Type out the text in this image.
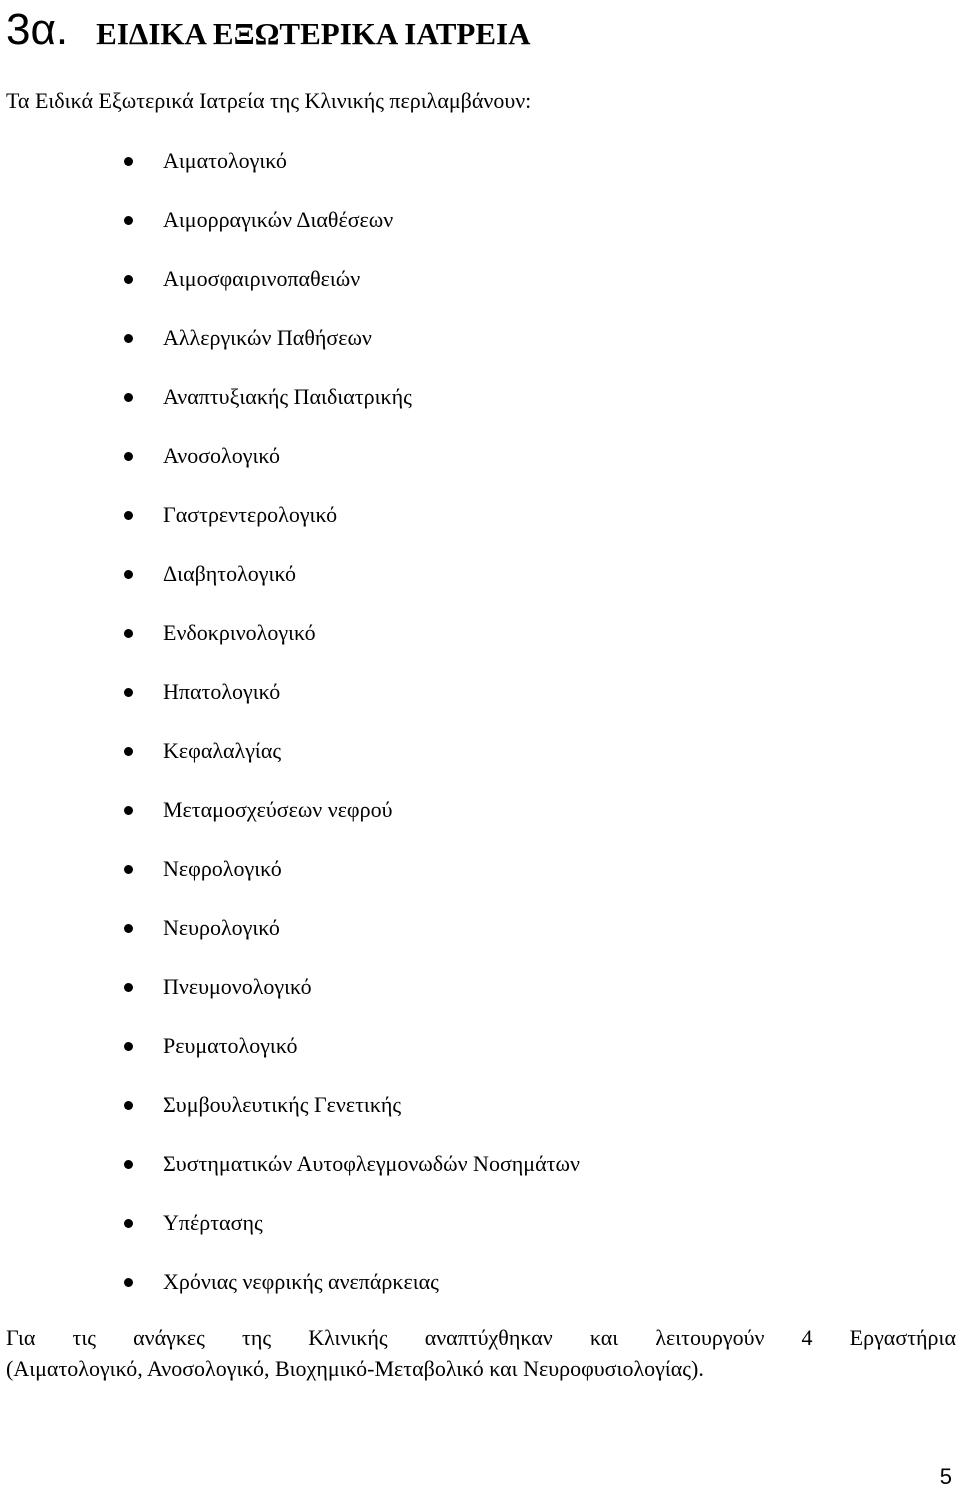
3α. ΕΙΔΙΚΑ ΕΞΩΤΕΡΙΚΑ ΙΑΤΡΕΙΑ

Τα Ειδικά Εξωτερικά Ιατρεία της Κλινικής περιλαμβάνουν:

Αιματολογικό
Αιμορραγικών Διαθέσεων
Αιμοσφαιρινοπαθειών
Αλλεργικών Παθήσεων
Αναπτυξιακής Παιδιατρικής
Ανοσολογικό
Γαστρεντερολογικό
Διαβητολογικό
Ενδοκρινολογικό
Ηπατολογικό
Κεφαλαλγίας
Μεταμοσχεύσεων νεφρού
Νεφρολογικό
Νευρολογικό
Πνευμονολογικό
Ρευματολογικό
Συμβουλευτικής Γενετικής
Συστηματικών Αυτοφλεγμονωδών Νοσημάτων
Υπέρτασης
Χρόνιας νεφρικής ανεπάρκειας
Για τις ανάγκες της Κλινικής αναπτύχθηκαν και λειτουργούν 4 Εργαστήρια
(Αιματολογικό, Ανοσολογικό, Βιοχημικό-Μεταβολικό και Νευροφυσιολογίας).
5
